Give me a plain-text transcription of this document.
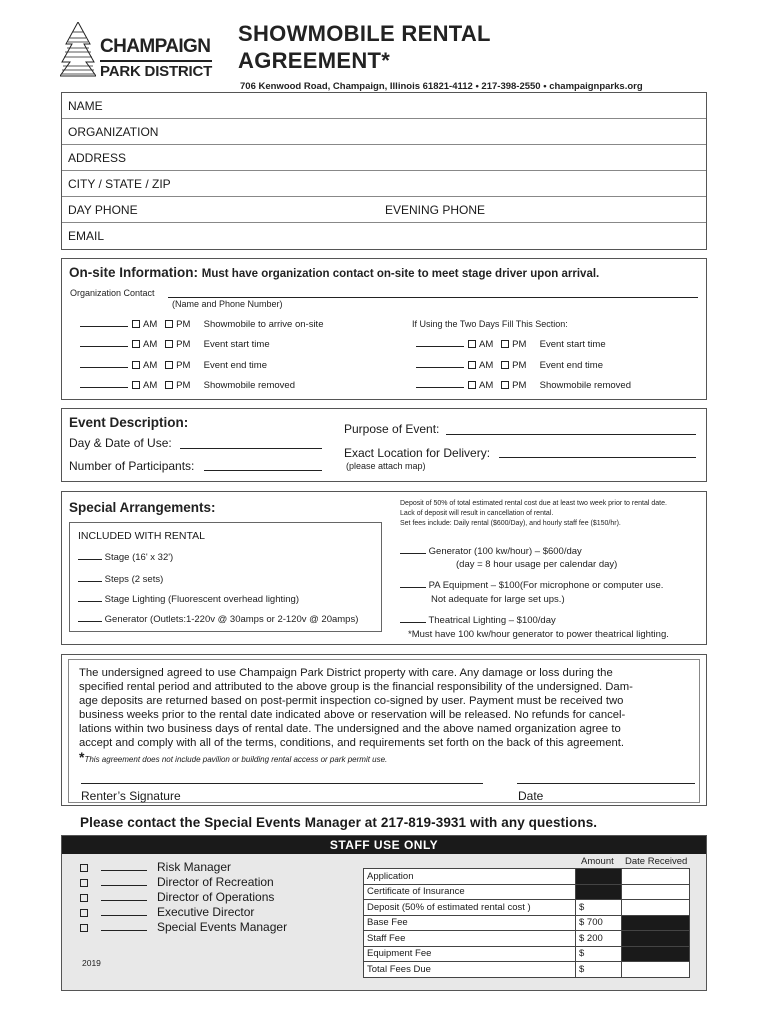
CHAMPAIGN
PARK DISTRICT
SHOWMOBILE RENTAL
AGREEMENT*
706 Kenwood Road, Champaign, Illinois 61821-4112 • 217-398-2550 • champaignparks.org
NAME
ORGANIZATION
ADDRESS
CITY / STATE / ZIP
DAY PHONE	EVENING PHONE
EMAIL
On-site Information: Must have organization contact on-site to meet stage driver upon arrival.
Organization Contact
(Name and Phone Number)
If Using the Two Days Fill This Section:
AM PM Showmobile to arrive on-site
AM PM Event start time
AM PM Event end time
AM PM Showmobile removed
AM PM Event start time
AM PM Event end time
AM PM Showmobile removed
Event Description:
Day & Date of Use:
Number of Participants:
Purpose of Event:
Exact Location for Delivery:
(please attach map)
Special Arrangements:	Deposit of 50% of total estimated rental cost due at least two week prior to rental date.
Lack of deposit will result in cancellation of rental.
Set fees include: Daily rental ($600/Day), and hourly staff fee ($150/hr).
INCLUDED WITH RENTAL
Stage (16' x 32')
Steps (2 sets)
Stage Lighting (Fluorescent overhead lighting)
Generator (Outlets:1-220v @ 30amps or 2-120v @ 20amps)
Generator (100 kw/hour) – $600/day
(day = 8 hour usage per calendar day)
PA Equipment – $100(For microphone or computer use.
Not adequate for large set ups.)
Theatrical Lighting – $100/day
*Must have 100 kw/hour generator to power theatrical lighting.
The undersigned agreed to use Champaign Park District property with care. Any damage or loss during the
specified rental period and attributed to the above group is the financial responsibility of the undersigned. Dam-
age deposits are returned based on post-permit inspection co-signed by user. Payment must be received two
business weeks prior to the rental date indicated above or reservation will be released. No refunds for cancel-
lations within two business days of rental date. The undersigned and the above named organization agree to
accept and comply with all of the terms, conditions, and requirements set forth on the back of this agreement.
*This agreement does not include pavilion or building rental access or park permit use.
Renter’s Signature	Date
Please contact the Special Events Manager at 217-819-3931 with any questions.
STAFF USE ONLY
Risk Manager
Director of Recreation
Director of Operations
Executive Director
Special Events Manager
2019
Amount Date Received
Application		
Certificate of Insurance		
Deposit (50% of estimated rental cost )	$	
Base Fee	$ 700	
Staff Fee	$ 200	
Equipment Fee	$	
Total Fees Due	$	
